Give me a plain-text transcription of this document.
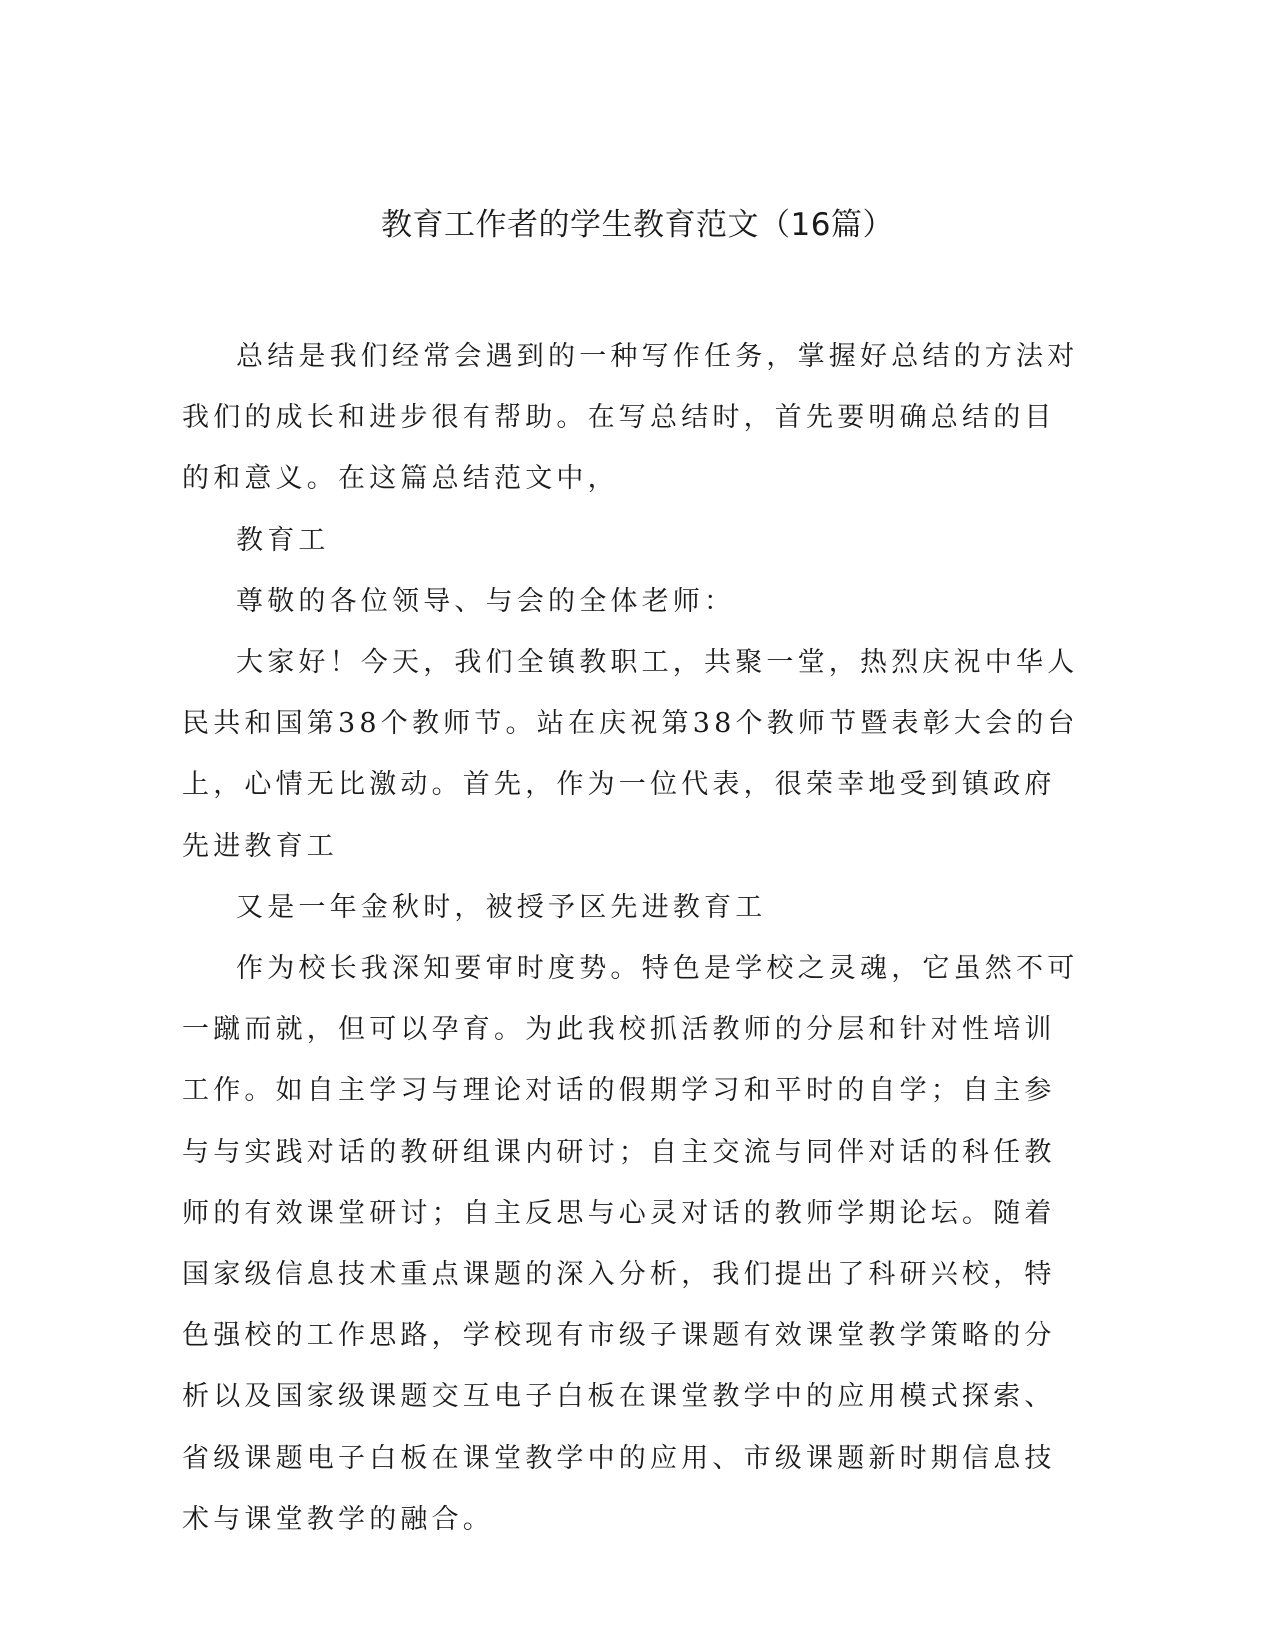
教育工作者的学生教育范文（16篇）

总结是我们经常会遇到的一种写作任务，掌握好总结的方法对我们的成长和进步很有帮助。在写总结时，首先要明确总结的目的和意义。在这篇总结范文中，

教育工

尊敬的各位领导、与会的全体老师：

大家好！今天，我们全镇教职工，共聚一堂，热烈庆祝中华人民共和国第38个教师节。站在庆祝第38个教师节暨表彰大会的台上，心情无比激动。首先，作为一位代表，很荣幸地受到镇政府先进教育工

又是一年金秋时，被授予区先进教育工

作为校长我深知要审时度势。特色是学校之灵魂，它虽然不可一蹴而就，但可以孕育。为此我校抓活教师的分层和针对性培训工作。如自主学习与理论对话的假期学习和平时的自学；自主参与与实践对话的教研组课内研讨；自主交流与同伴对话的科任教师的有效课堂研讨；自主反思与心灵对话的教师学期论坛。随着国家级信息技术重点课题的深入分析，我们提出了科研兴校，特色强校的工作思路，学校现有市级子课题有效课堂教学策略的分析以及国家级课题交互电子白板在课堂教学中的应用模式探索、省级课题电子白板在课堂教学中的应用、市级课题新时期信息技术与课堂教学的融合。
